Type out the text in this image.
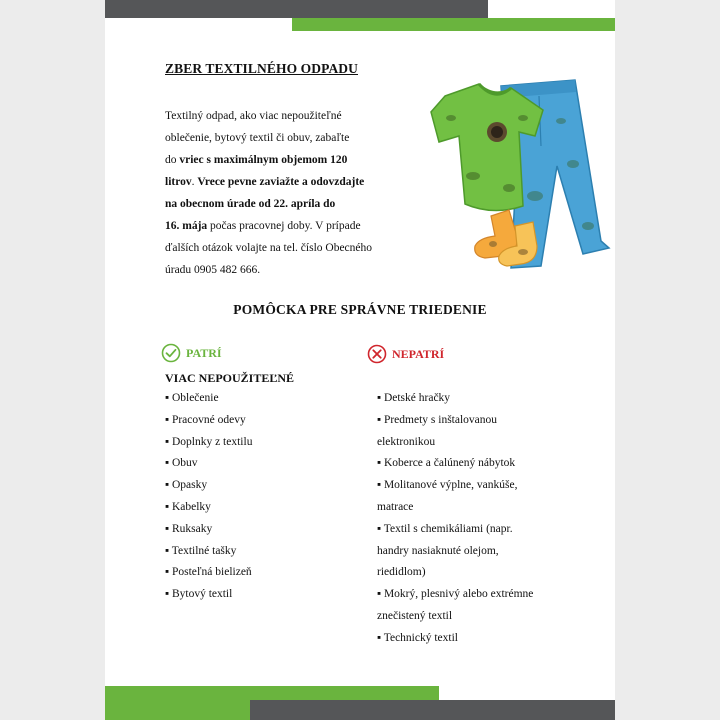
ZBER TEXTILNÉHO ODPADU
Textilný odpad, ako viac nepoužiteľné
oblečenie, bytový textil či obuv, zabaľte
do vriec s maximálnym objemom 120
litrov. Vrece pevne zaviažte a odovzdajte
na obecnom úrade od 22. apríla do
16. mája počas pracovnej doby. V prípade
ďalších otázok volajte na tel. číslo Obecného
úradu 0905 482 666.
POMÔCKA PRE SPRÁVNE TRIEDENIE
PATRÍ	NEPATRÍ
VIAC NEPOUŽITEĽNÉ
▪ Oblečenie
▪ Pracovné odevy
▪ Doplnky z textilu
▪ Obuv
▪ Opasky
▪ Kabelky
▪ Ruksaky
▪ Textilné tašky
▪ Posteľná bielizeň
▪ Bytový textil
▪ Detské hračky
▪ Predmety s inštalovanou
elektronikou
▪ Koberce a čalúnený nábytok
▪ Molitanové výplne, vankúše,
matrace
▪ Textil s chemikáliami (napr.
handry nasiaknuté olejom,
riedidlom)
▪ Mokrý, plesnivý alebo extrémne
znečistený textil
▪ Technický textil
